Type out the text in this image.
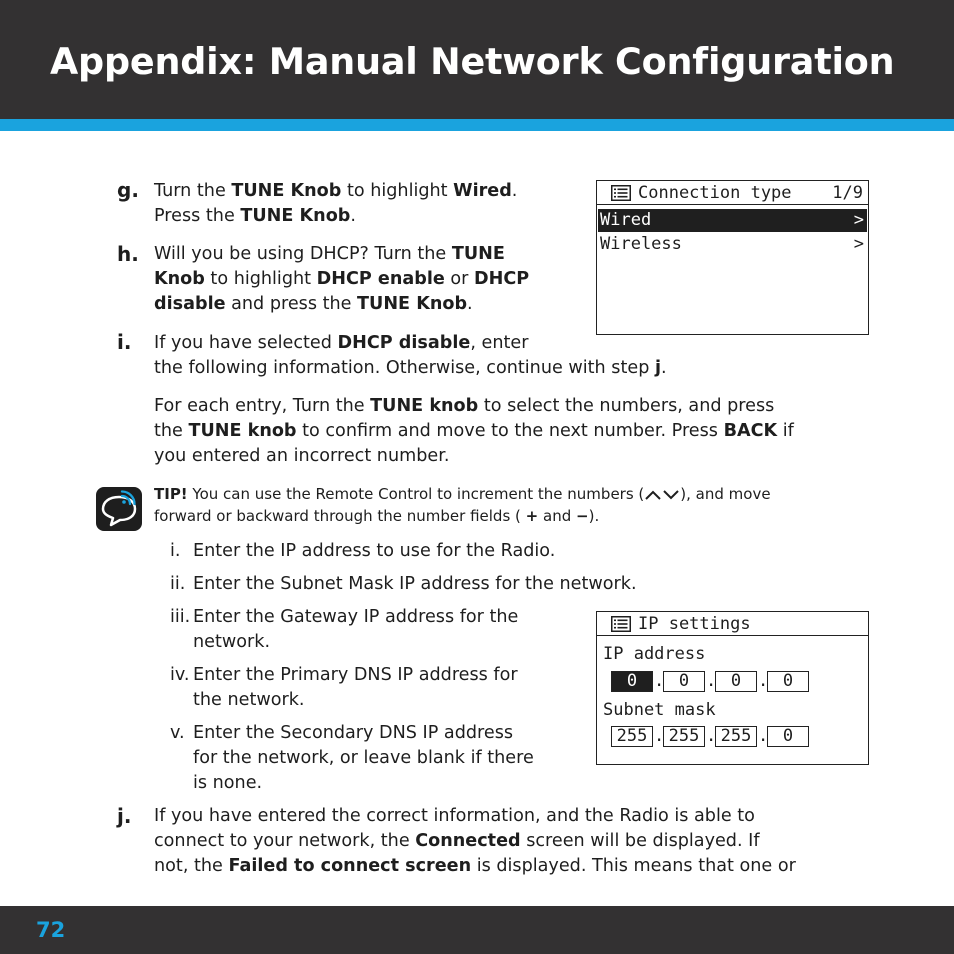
Appendix: Manual Network Configuration
g. Turn the TUNE Knob to highlight Wired.
Press the TUNE Knob.
h. Will you be using DHCP? Turn the TUNE
Knob to highlight DHCP enable or DHCP
disable and press the TUNE Knob.
i. If you have selected DHCP disable, enter
the following information. Otherwise, continue with step j.
For each entry, Turn the TUNE knob to select the numbers, and press
the TUNE knob to confirm and move to the next number. Press BACK if
you entered an incorrect number.
TIP! You can use the Remote Control to increment the numbers ( ), and move
forward or backward through the number fields ( + and −).
i. Enter the IP address to use for the Radio.
ii. Enter the Subnet Mask IP address for the network.
iii. Enter the Gateway IP address for the
network.
iv. Enter the Primary DNS IP address for
the network.
v. Enter the Secondary DNS IP address
for the network, or leave blank if there
is none.
j. If you have entered the correct information, and the Radio is able to
connect to your network, the Connected screen will be displayed. If
not, the Failed to connect screen is displayed. This means that one or
Connection type 1/9
Wired	>
Wireless	>
IP settings
IP address
0 . 0 . 0 . 0
Subnet mask
255 . 255 . 255 . 0
72
